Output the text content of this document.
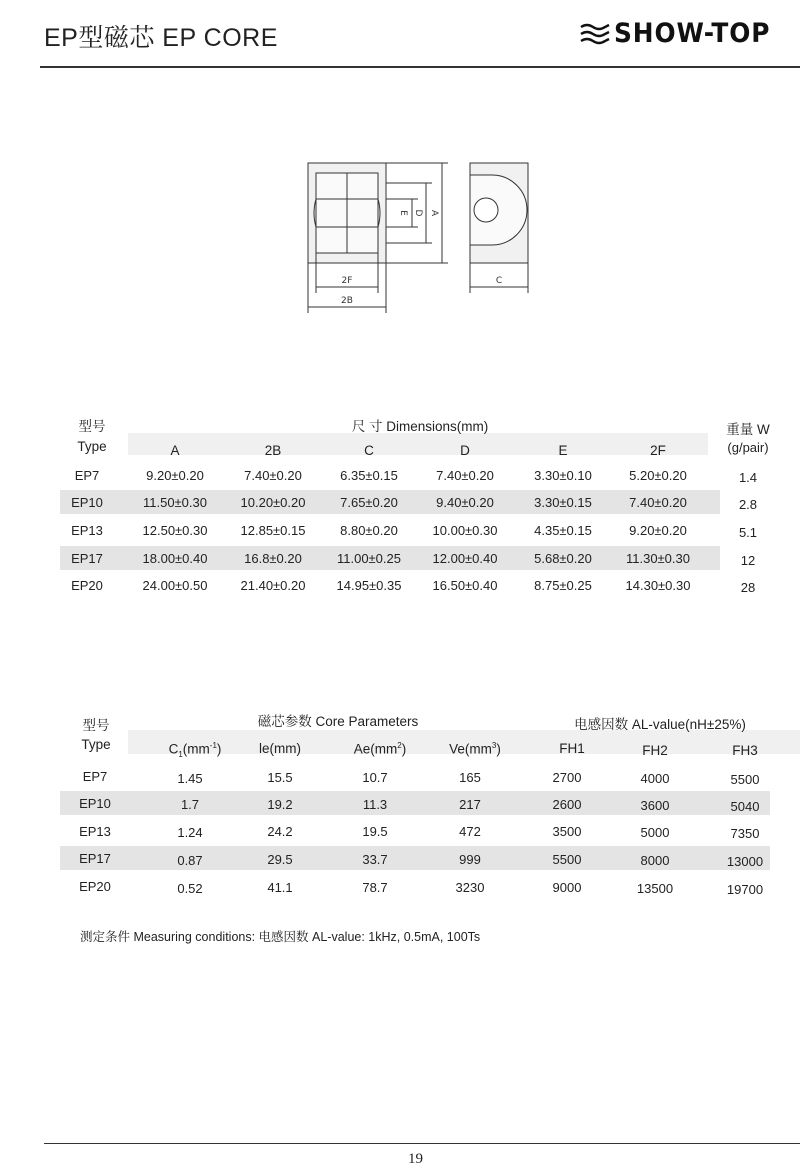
EP型磁芯 EP CORE	SHOW-TOP
E D A
2F
2B
C
型号
Type
尺 寸 Dimensions(mm)	重量 W
(g/pair)
A	2B	C	D	E	2F
EP7	9.20±0.20	7.40±0.20	6.35±0.15	7.40±0.20	3.30±0.10	5.20±0.20	1.4
EP10	11.50±0.30	10.20±0.20	7.65±0.20	9.40±0.20	3.30±0.15	7.40±0.20	2.8
EP13	12.50±0.30	12.85±0.15	8.80±0.20	10.00±0.30	4.35±0.15	9.20±0.20	5.1
EP17	18.00±0.40	16.8±0.20	11.00±0.25	12.00±0.40	5.68±0.20	11.30±0.30	12
EP20	24.00±0.50	21.40±0.20	14.95±0.35	16.50±0.40	8.75±0.25	14.30±0.30	28
型号
Type
磁芯参数 Core Parameters	电感因数 AL-value(nH±25%)
$C_1(mm^{-1})$	le(mm)	$Ae(mm^2)$	$Ve(mm^3)$	FH1	FH2	FH3
EP7	1.45	15.5	10.7	165	2700	4000	5500
EP10	1.7	19.2	11.3	217	2600	3600	5040
EP13	1.24	24.2	19.5	472	3500	5000	7350
EP17	0.87	29.5	33.7	999	5500	8000	13000
EP20	0.52	41.1	78.7	3230	9000	13500	19700
测定条件 Measuring conditions: 电感因数 AL-value: 1kHz, 0.5mA, 100Ts
19
